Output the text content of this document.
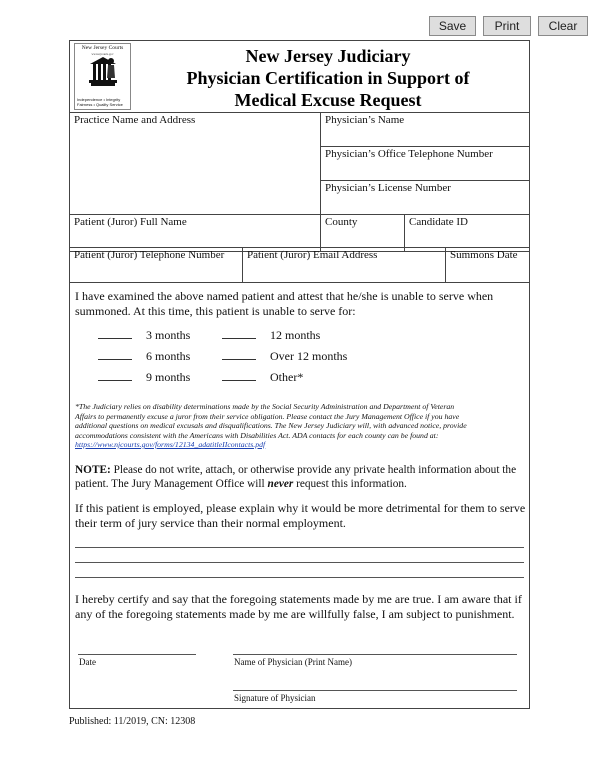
Save	Print	Clear
New Jersey Courts
www.njcourts.gov
Independence • Integrity
Fairness • Quality Service
New Jersey Judiciary
Physician Certification in Support of
Medical Excuse Request
Practice Name and Address	Physician’s Name
Physician’s Office Telephone Number
Physician’s License Number
Patient (Juror) Full Name	County	Candidate ID
Patient (Juror) Telephone Number	Patient (Juror) Email Address	Summons Date
I have examined the above named patient and attest that he/she is unable to serve when
summoned. At this time, this patient is unable to serve for:
3 months	12 months
6 months	Over 12 months
9 months	Other*
*The Judiciary relies on disability determinations made by the Social Security Administration and Department of Veteran
Affairs to permanently excuse a juror from their service obligation. Please contact the Jury Management Office if you have
additional questions on medical excusals and disqualifications. The New Jersey Judiciary will, with advanced notice, provide
accommodations consistent with the Americans with Disabilities Act. ADA contacts for each county can be found at:
https://www.njcourts.gov/forms/12134_adatitleIIcontacts.pdf
NOTE: Please do not write, attach, or otherwise provide any private health information about the
patient. The Jury Management Office will never request this information.
If this patient is employed, please explain why it would be more detrimental for them to serve
their term of jury service than their normal employment.
I hereby certify and say that the foregoing statements made by me are true. I am aware that if
any of the foregoing statements made by me are willfully false, I am subject to punishment.
Date	Name of Physician (Print Name)
Signature of Physician
Published: 11/2019, CN: 12308
